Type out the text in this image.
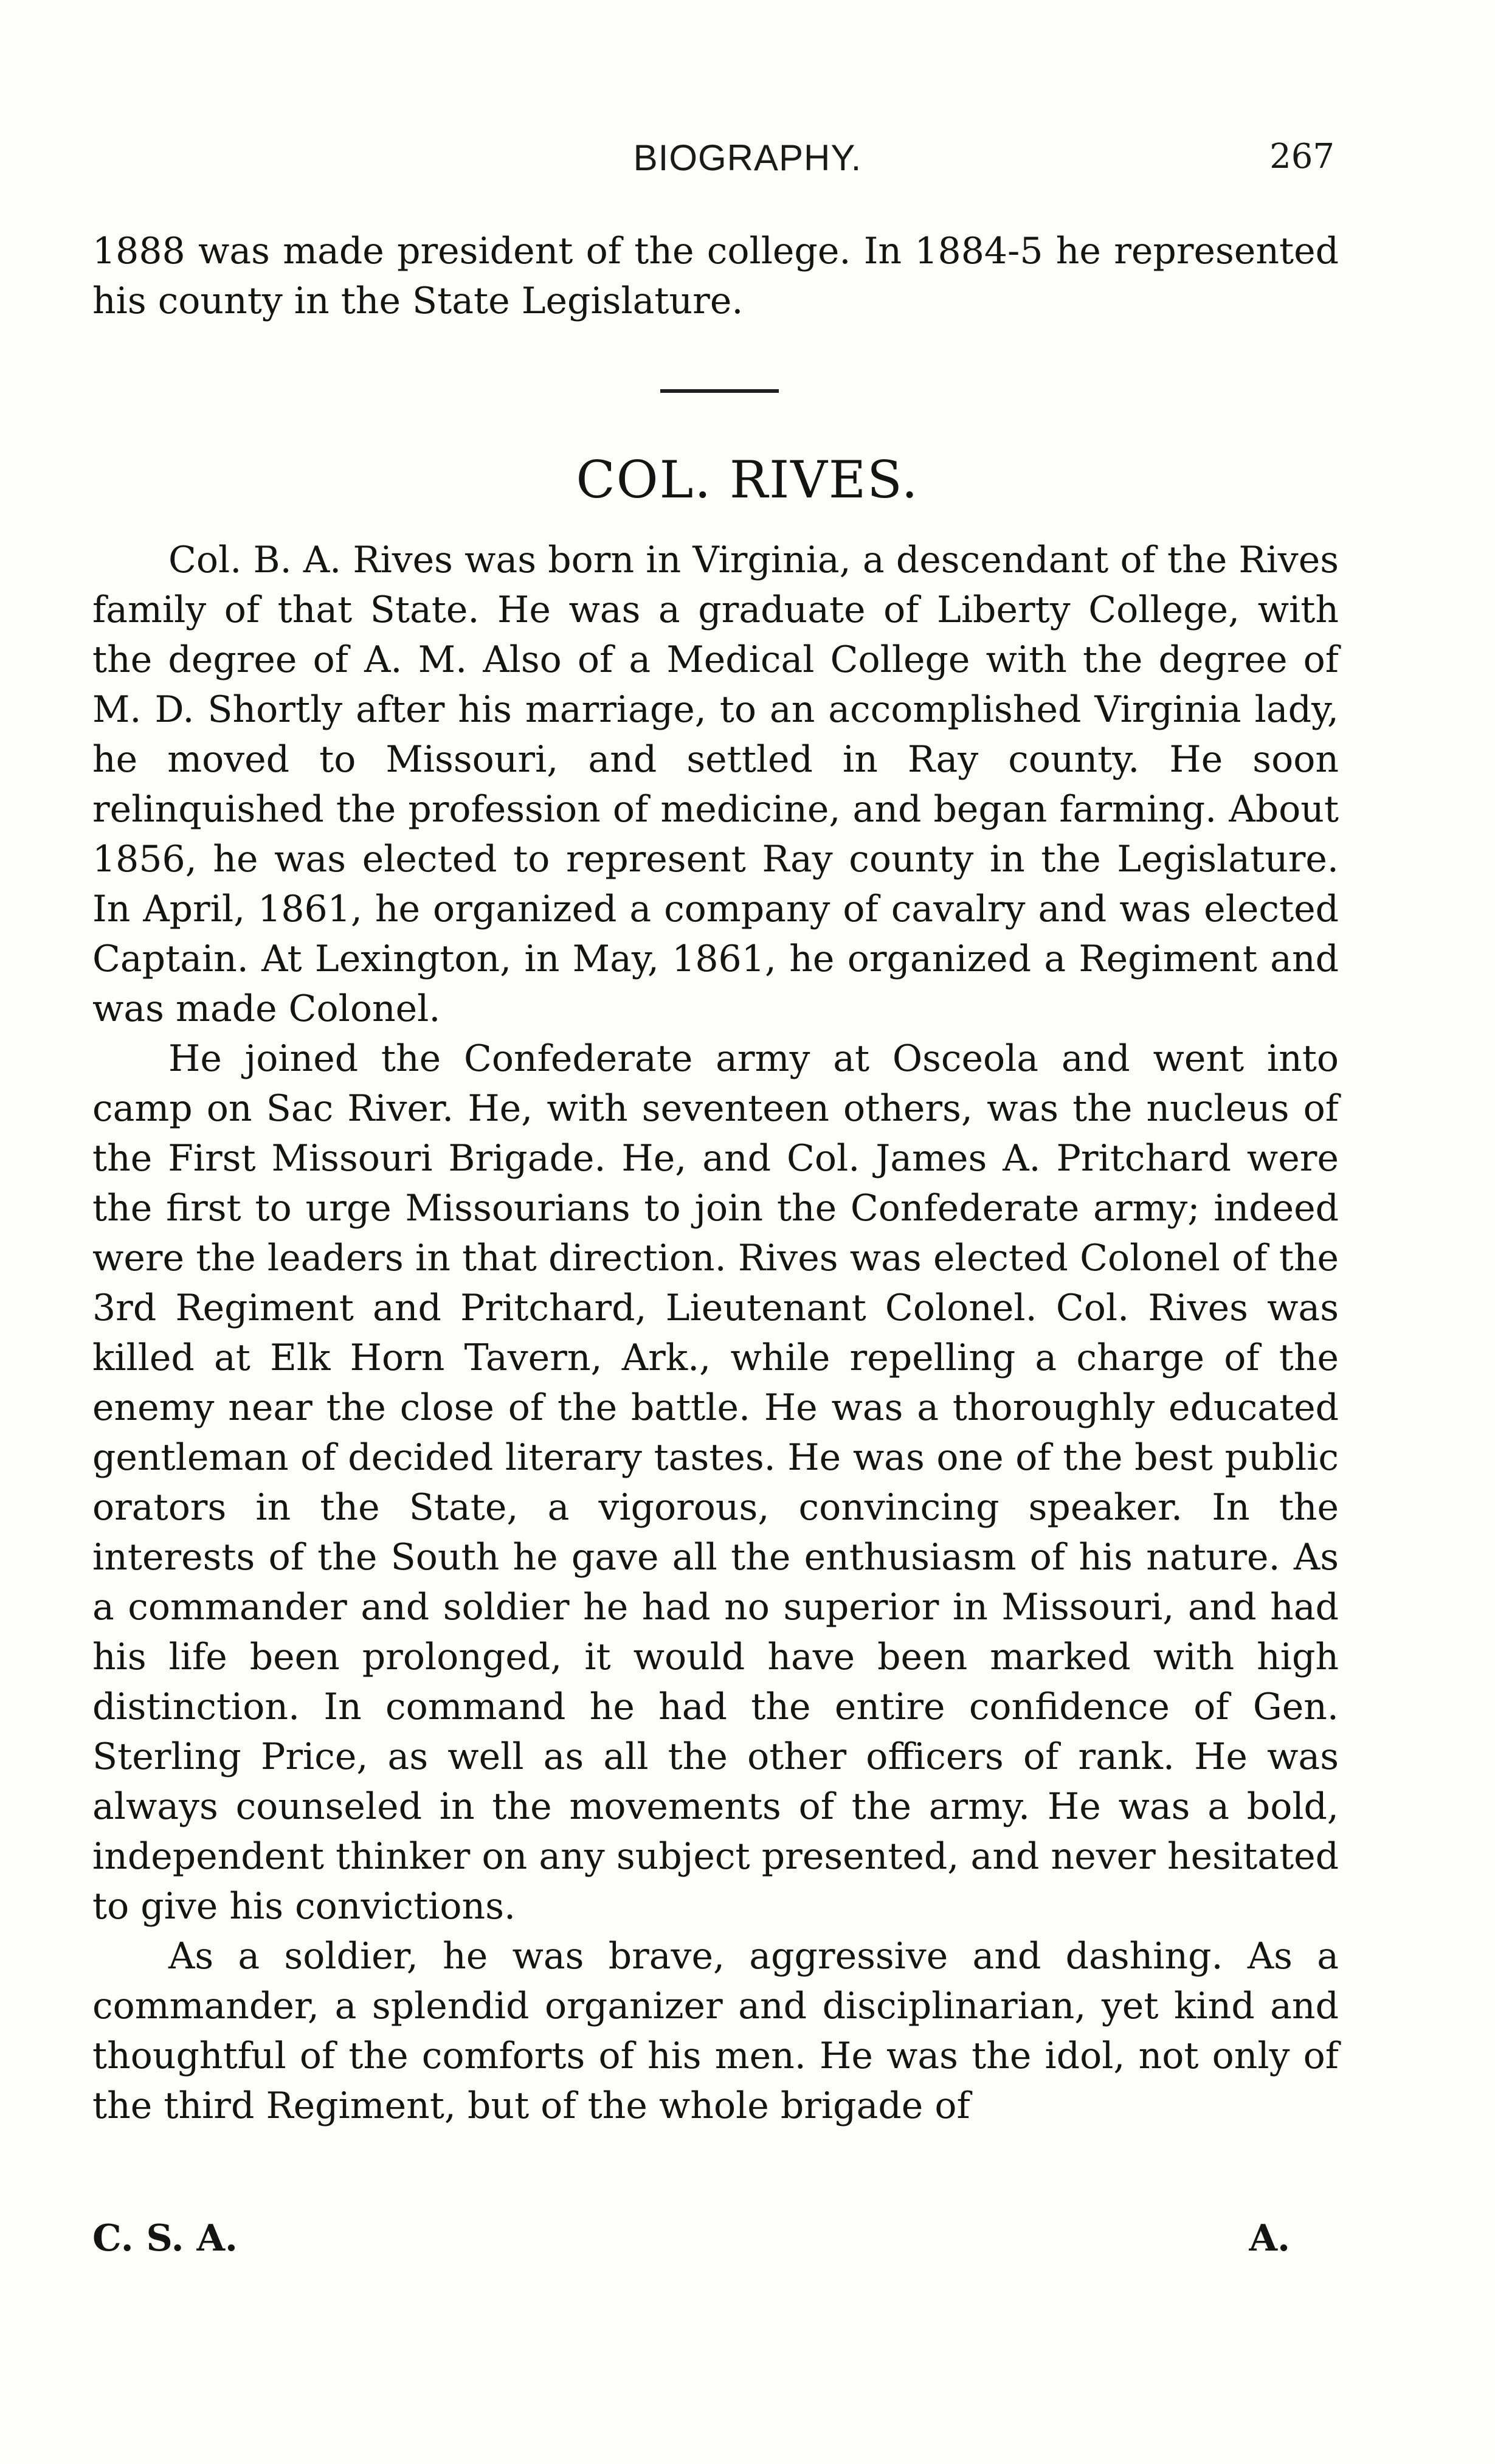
BIOGRAPHY.	267
1888 was made president of the college. In 1884-5 he represented his county in the State Legislature.
COL. RIVES.

Col. B. A. Rives was born in Virginia, a descendant of the Rives family of that State. He was a graduate of Liberty College, with the degree of A. M. Also of a Medical College with the degree of M. D. Shortly after his marriage, to an accomplished Virginia lady, he moved to Missouri, and settled in Ray county. He soon relinquished the profession of medicine, and began farming. About 1856, he was elected to represent Ray county in the Legislature. In April, 1861, he organized a company of cavalry and was elected Captain. At Lexington, in May, 1861, he organized a Regiment and was made Colonel.

He joined the Confederate army at Osceola and went into camp on Sac River. He, with seventeen others, was the nucleus of the First Missouri Brigade. He, and Col. James A. Pritchard were the first to urge Missourians to join the Confederate army; indeed were the leaders in that direction. Rives was elected Colonel of the 3rd Regiment and Pritchard, Lieutenant Colonel. Col. Rives was killed at Elk Horn Tavern, Ark., while repelling a charge of the enemy near the close of the battle. He was a thoroughly educated gentleman of decided literary tastes. He was one of the best public orators in the State, a vigorous, convincing speaker. In the interests of the South he gave all the enthusiasm of his nature. As a commander and soldier he had no superior in Missouri, and had his life been prolonged, it would have been marked with high distinction. In command he had the entire confidence of Gen. Sterling Price, as well as all the other officers of rank. He was always counseled in the movements of the army. He was a bold, independent thinker on any subject presented, and never hesitated to give his convictions.

As a soldier, he was brave, aggressive and dashing. As a commander, a splendid organizer and disciplinarian, yet kind and thoughtful of the comforts of his men. He was the idol, not only of the third Regiment, but of the whole brigade of

C. S. A.	A.
